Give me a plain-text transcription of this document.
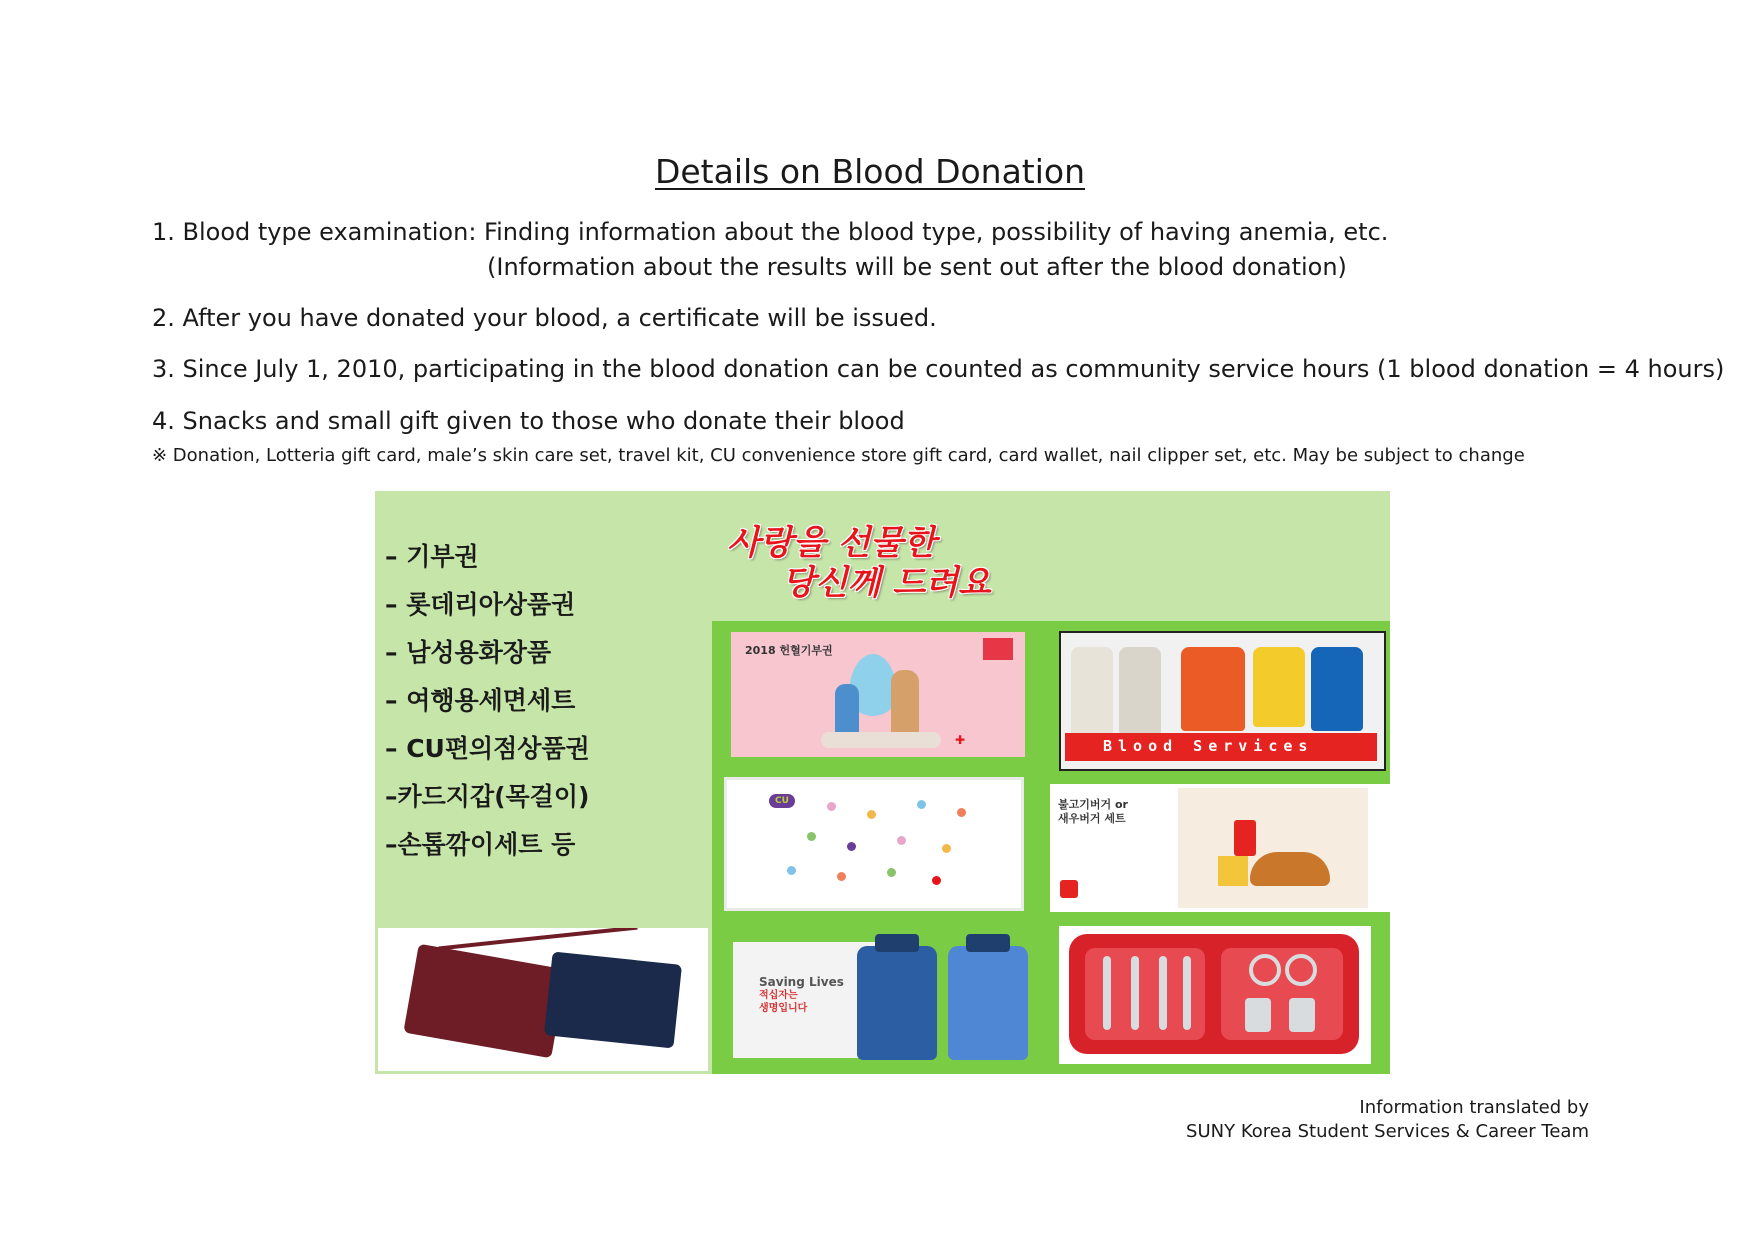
Details on Blood Donation

1. Blood type examination: Finding information about the blood type, possibility of having anemia, etc.

(Information about the results will be sent out after the blood donation)

2. After you have donated your blood, a certificate will be issued.

3. Since July 1, 2010, participating in the blood donation can be counted as community service hours (1 blood donation = 4 hours)

4. Snacks and small gift given to those who donate their blood

※ Donation, Lotteria gift card, male’s skin care set, travel kit, CU convenience store gift card, card wallet, nail clipper set, etc. May be subject to change

– 기부권
– 롯데리아상품권
– 남성용화장품
– 여행용세면세트
– CU편의점상품권
–카드지갑(목걸이)
–손톱깎이세트 등

사랑을 선물한
당신께 드려요

2018 헌혈기부권
✚	Blood Services
CU	불고기버거 or
새우버거 세트
Saving Lives
적십자는
생명입니다

Information translated by

SUNY Korea Student Services & Career Team
